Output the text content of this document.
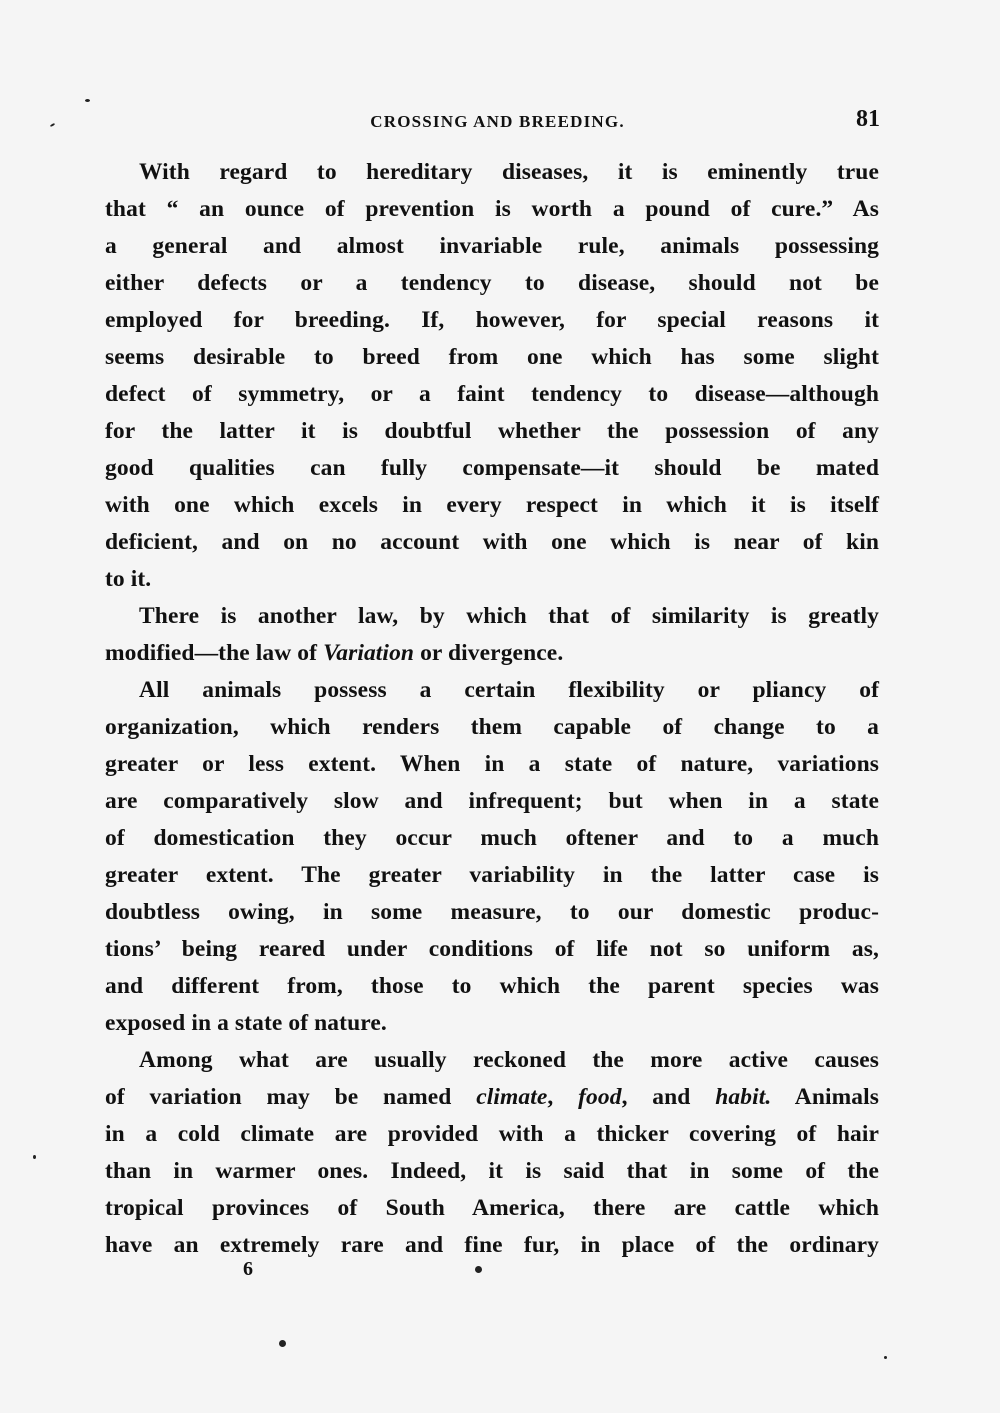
CROSSING AND BREEDING.	81
With regard to hereditary diseases, it is eminently true
that “ an ounce of prevention is worth a pound of cure.” As
a general and almost invariable rule, animals possessing
either defects or a tendency to disease, should not be
employed for breeding. If, however, for special reasons it
seems desirable to breed from one which has some slight
defect of symmetry, or a faint tendency to disease—although
for the latter it is doubtful whether the possession of any
good qualities can fully compensate—it should be mated
with one which excels in every respect in which it is itself
deficient, and on no account with one which is near of kin
to it.
There is another law, by which that of similarity is greatly
modified—the law of Variation or divergence.
All animals possess a certain flexibility or pliancy of
organization, which renders them capable of change to a
greater or less extent. When in a state of nature, variations
are comparatively slow and infrequent; but when in a state
of domestication they occur much oftener and to a much
greater extent. The greater variability in the latter case is
doubtless owing, in some measure, to our domestic produc-
tions’ being reared under conditions of life not so uniform as,
and different from, those to which the parent species was
exposed in a state of nature.
Among what are usually reckoned the more active causes
of variation may be named climate, food, and habit. Animals
in a cold climate are provided with a thicker covering of hair
than in warmer ones. Indeed, it is said that in some of the
tropical provinces of South America, there are cattle which
have an extremely rare and fine fur, in place of the ordinary
6
